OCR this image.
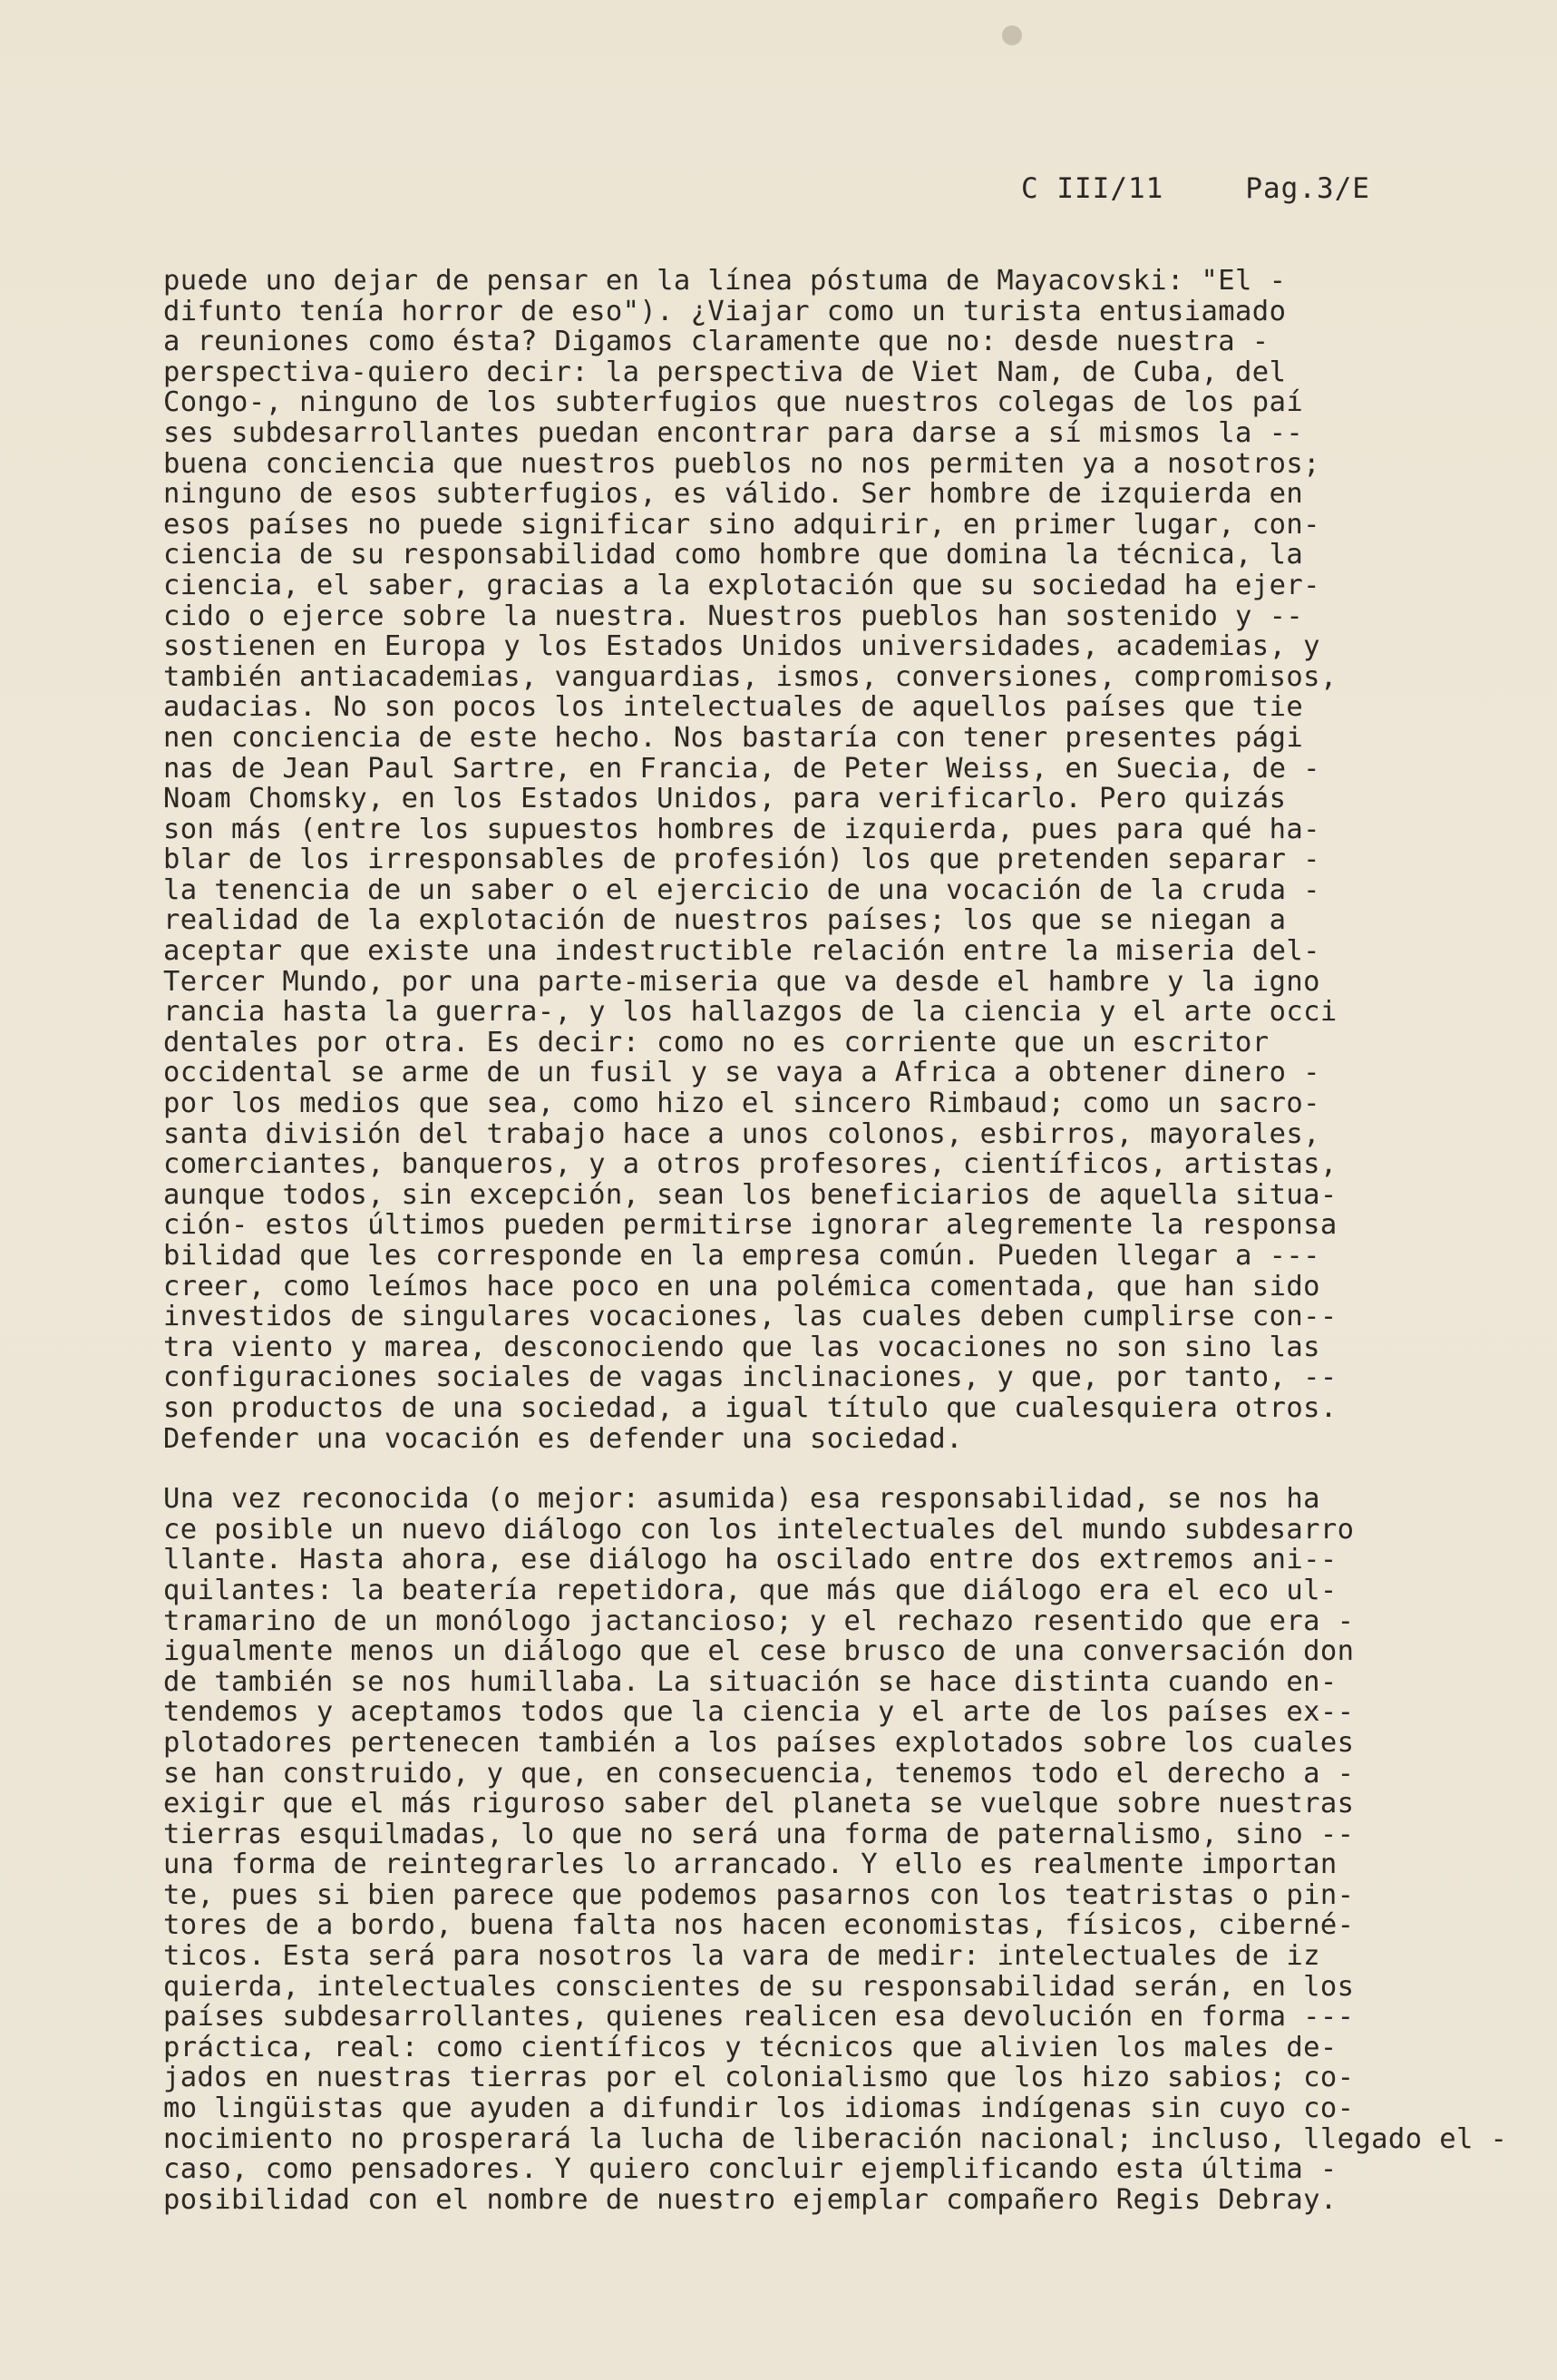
C III/11	Pag.3/E
puede uno dejar de pensar en la línea póstuma de Mayacovski: "El -
difunto tenía horror de eso"). ¿Viajar como un turista entusiamado
a reuniones como ésta? Digamos claramente que no: desde nuestra -
perspectiva-quiero decir: la perspectiva de Viet Nam, de Cuba, del
Congo-, ninguno de los subterfugios que nuestros colegas de los paí
ses subdesarrollantes puedan encontrar para darse a sí mismos la --
buena conciencia que nuestros pueblos no nos permiten ya a nosotros;
ninguno de esos subterfugios, es válido. Ser hombre de izquierda en
esos países no puede significar sino adquirir, en primer lugar, con-
ciencia de su responsabilidad como hombre que domina la técnica, la
ciencia, el saber, gracias a la explotación que su sociedad ha ejer-
cido o ejerce sobre la nuestra. Nuestros pueblos han sostenido y --
sostienen en Europa y los Estados Unidos universidades, academias, y
también antiacademias, vanguardias, ismos, conversiones, compromisos,
audacias. No son pocos los intelectuales de aquellos países que tie
nen conciencia de este hecho. Nos bastaría con tener presentes pági
nas de Jean Paul Sartre, en Francia, de Peter Weiss, en Suecia, de -
Noam Chomsky, en los Estados Unidos, para verificarlo. Pero quizás
son más (entre los supuestos hombres de izquierda, pues para qué ha-
blar de los irresponsables de profesión) los que pretenden separar -
la tenencia de un saber o el ejercicio de una vocación de la cruda -
realidad de la explotación de nuestros países; los que se niegan a
aceptar que existe una indestructible relación entre la miseria del-
Tercer Mundo, por una parte-miseria que va desde el hambre y la igno
rancia hasta la guerra-, y los hallazgos de la ciencia y el arte occi
dentales por otra. Es decir: como no es corriente que un escritor
occidental se arme de un fusil y se vaya a Africa a obtener dinero -
por los medios que sea, como hizo el sincero Rimbaud; como un sacro-
santa división del trabajo hace a unos colonos, esbirros, mayorales,
comerciantes, banqueros, y a otros profesores, científicos, artistas,
aunque todos, sin excepción, sean los beneficiarios de aquella situa-
ción- estos últimos pueden permitirse ignorar alegremente la responsa
bilidad que les corresponde en la empresa común. Pueden llegar a ---
creer, como leímos hace poco en una polémica comentada, que han sido
investidos de singulares vocaciones, las cuales deben cumplirse con--
tra viento y marea, desconociendo que las vocaciones no son sino las
configuraciones sociales de vagas inclinaciones, y que, por tanto, --
son productos de una sociedad, a igual título que cualesquiera otros.
Defender una vocación es defender una sociedad.
Una vez reconocida (o mejor: asumida) esa responsabilidad, se nos ha
ce posible un nuevo diálogo con los intelectuales del mundo subdesarro
llante. Hasta ahora, ese diálogo ha oscilado entre dos extremos ani--
quilantes: la beatería repetidora, que más que diálogo era el eco ul-
tramarino de un monólogo jactancioso; y el rechazo resentido que era -
igualmente menos un diálogo que el cese brusco de una conversación don
de también se nos humillaba. La situación se hace distinta cuando en-
tendemos y aceptamos todos que la ciencia y el arte de los países ex--
plotadores pertenecen también a los países explotados sobre los cuales
se han construido, y que, en consecuencia, tenemos todo el derecho a -
exigir que el más riguroso saber del planeta se vuelque sobre nuestras
tierras esquilmadas, lo que no será una forma de paternalismo, sino --
una forma de reintegrarles lo arrancado. Y ello es realmente importan
te, pues si bien parece que podemos pasarnos con los teatristas o pin-
tores de a bordo, buena falta nos hacen economistas, físicos, ciberné-
ticos. Esta será para nosotros la vara de medir: intelectuales de iz
quierda, intelectuales conscientes de su responsabilidad serán, en los
países subdesarrollantes, quienes realicen esa devolución en forma ---
práctica, real: como científicos y técnicos que alivien los males de-
jados en nuestras tierras por el colonialismo que los hizo sabios; co-
mo lingüistas que ayuden a difundir los idiomas indígenas sin cuyo co-
nocimiento no prosperará la lucha de liberación nacional; incluso, llegado el -
caso, como pensadores. Y quiero concluir ejemplificando esta última -
posibilidad con el nombre de nuestro ejemplar compañero Regis Debray.
